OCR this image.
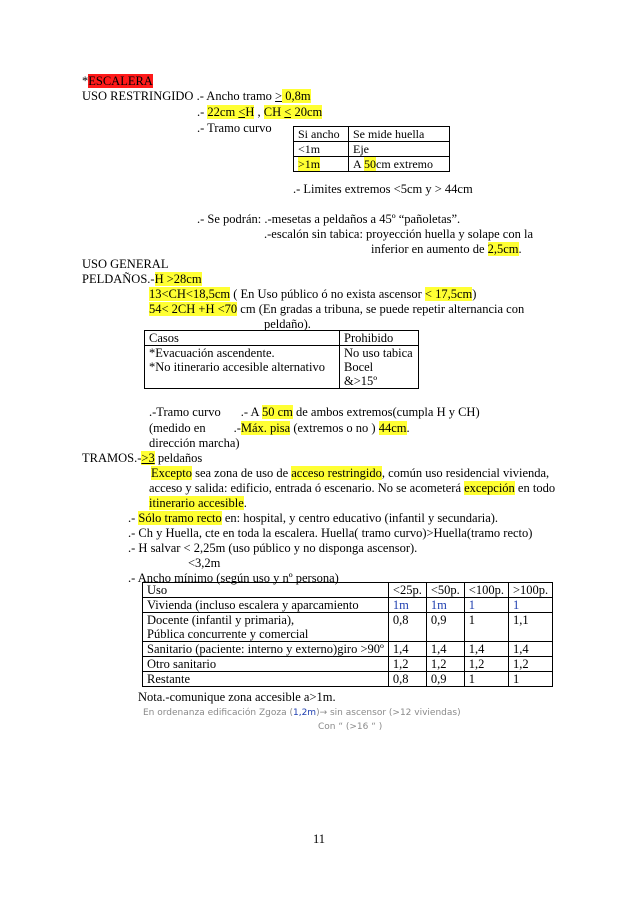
*ESCALERA
USO RESTRINGIDO .- Ancho tramo > 0,8m
.- 22cm <H , CH < 20cm
.- Tramo curvo Si ancho	Se mide huella
<1m	Eje
>1m	A 50cm extremo
.- Limites extremos <5cm y > 44cm
.- Se podrán: .-mesetas a peldaños a 45º “pañoletas”.
.-escalón sin tabica: proyección huella y solape con la
inferior en aumento de 2,5cm.
USO GENERAL
PELDAÑOS.-H >28cm
13<CH<18,5cm ( En Uso público ó no exista ascensor < 17,5cm)
54< 2CH +H <70 cm (En gradas a tribuna, se puede repetir alternancia con
peldaño).
Casos	Prohibido
*Evacuación ascendente.	No uso tabica
*No itinerario accesible alternativo	Bocel
	&>15º
.-Tramo curvo .- A 50 cm de ambos extremos(cumpla H y CH)
(medido en .-Máx. pisa (extremos o no ) 44cm.
dirección marcha)
TRAMOS.->3 peldaños
Excepto sea zona de uso de acceso restringido, común uso residencial vivienda,
acceso y salida: edificio, entrada ó escenario. No se acometerá excepción en todo
itinerario accesible.
.- Sólo tramo recto en: hospital, y centro educativo (infantil y secundaria).
.- Ch y Huella, cte en toda la escalera. Huella( tramo curvo)>Huella(tramo recto)
.- H salvar < 2,25m (uso público y no disponga ascensor).
<3,2m
.- Ancho mínimo (según uso y nº persona)
Uso	<25p.	<50p.	<100p.	>100p.
Vivienda (incluso escalera y aparcamiento	1m	1m	1	1
Docente (infantil y primaria),	0,8	0,9	1	1,1
Pública concurrente y comercial				
Sanitario (paciente: interno y externo)giro >90º	1,4	1,4	1,4	1,4
Otro sanitario	1,2	1,2	1,2	1,2
Restante	0,8	0,9	1	1
Nota.-comunique zona accesible a>1m.
En ordenanza edificación Zgoza (1,2m)→ sin ascensor (>12 viviendas)
Con “ (>16 “ )
11
